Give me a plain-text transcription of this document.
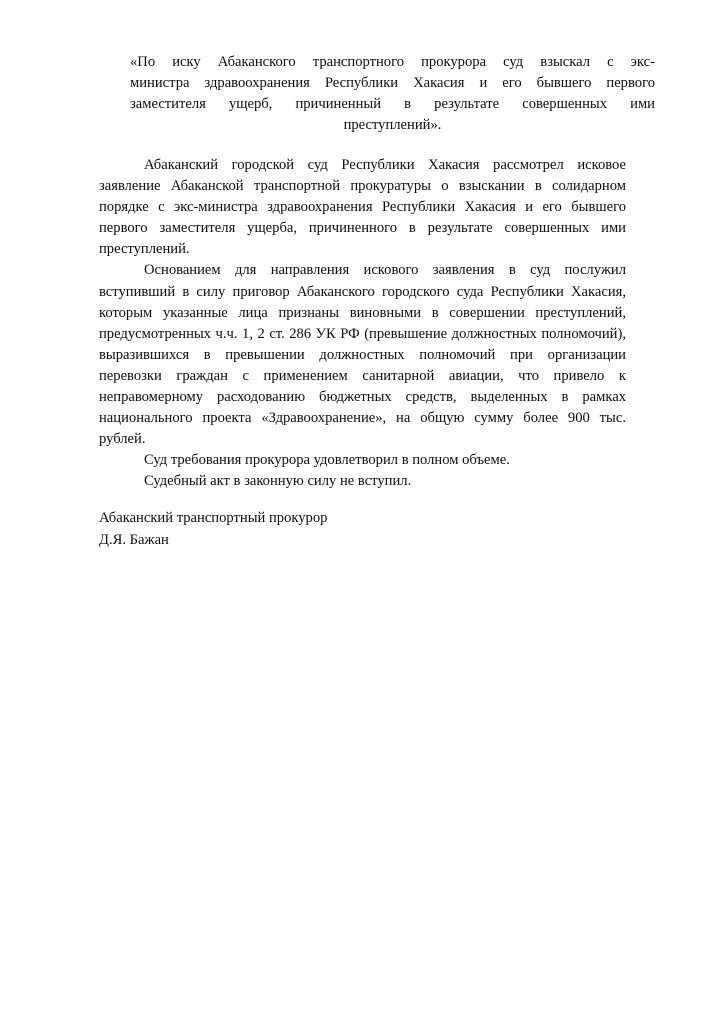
«По иску Абаканского транспортного прокурора суд взыскал с экс-
министра здравоохранения Республики Хакасия и его бывшего первого
заместителя ущерб, причиненный в результате совершенных ими
преступлений».

Абаканский городской суд Республики Хакасия рассмотрел исковое заявление Абаканской транспортной прокуратуры о взыскании в солидарном порядке с экс-министра здравоохранения Республики Хакасия и его бывшего первого заместителя ущерба, причиненного в результате совершенных ими преступлений.

Основанием для направления искового заявления в суд послужил вступивший в силу приговор Абаканского городского суда Республики Хакасия, которым указанные лица признаны виновными в совершении преступлений, предусмотренных ч.ч. 1, 2 ст. 286 УК РФ (превышение должностных полномочий), выразившихся в превышении должностных полномочий при организации перевозки граждан с применением санитарной авиации, что привело к неправомерному расходованию бюджетных средств, выделенных в рамках национального проекта «Здравоохранение», на общую сумму более 900 тыс. рублей.

Суд требования прокурора удовлетворил в полном объеме.

Судебный акт в законную силу не вступил.

Абаканский транспортный прокурор
Д.Я. Бажан
